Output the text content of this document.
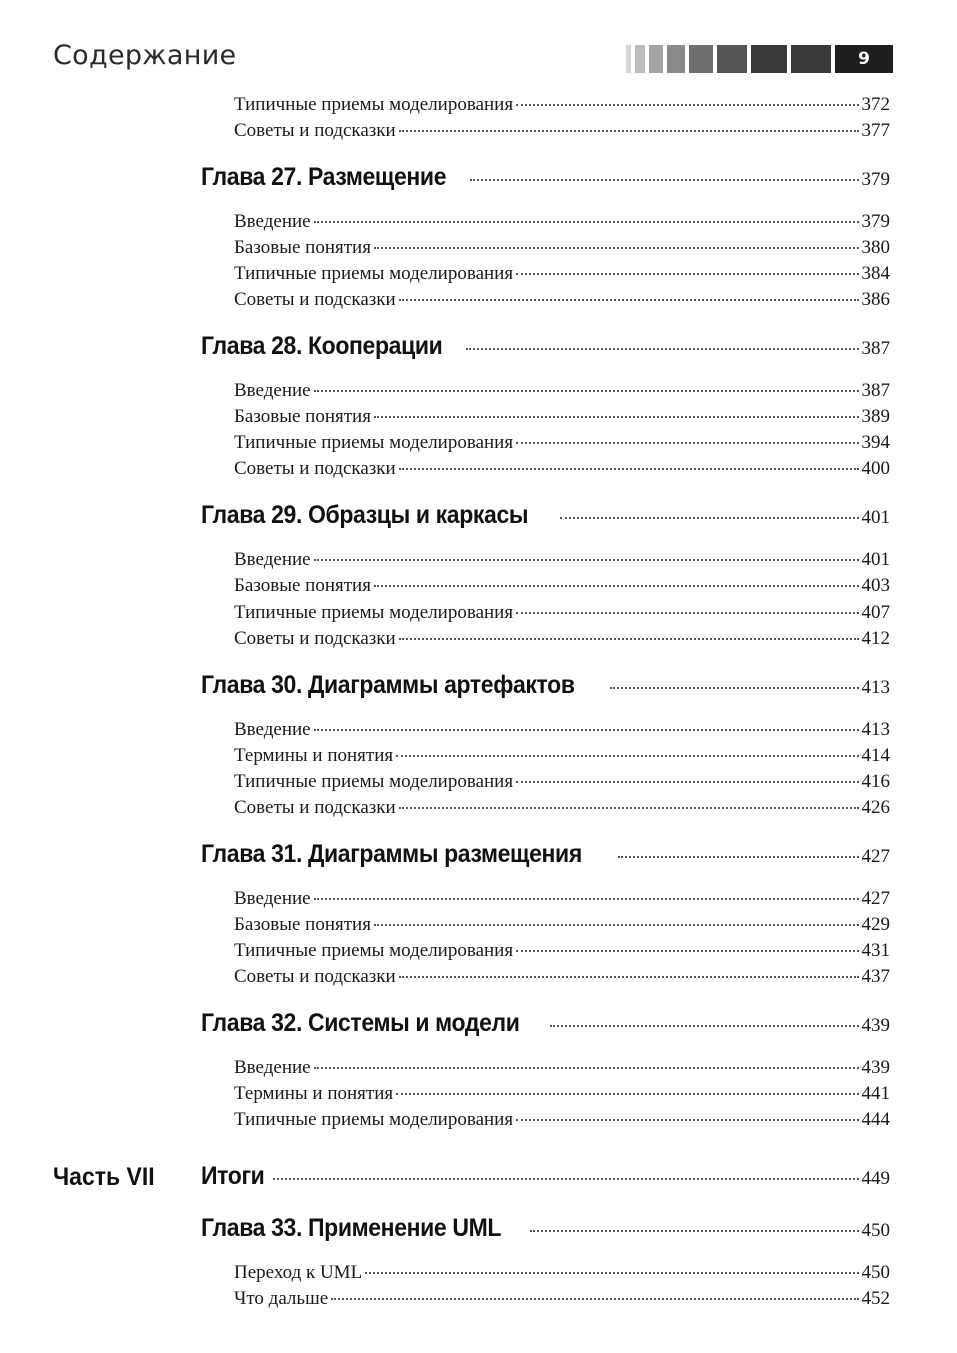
Содержание	9
Типичные приемы моделирования	372
Советы и подсказки	377
Глава 27. Размещение	379
Введение	379
Базовые понятия	380
Типичные приемы моделирования	384
Советы и подсказки	386
Глава 28. Кооперации	387
Введение	387
Базовые понятия	389
Типичные приемы моделирования	394
Советы и подсказки	400
Глава 29. Образцы и каркасы	401
Введение	401
Базовые понятия	403
Типичные приемы моделирования	407
Советы и подсказки	412
Глава 30. Диаграммы артефактов	413
Введение	413
Термины и понятия	414
Типичные приемы моделирования	416
Советы и подсказки	426
Глава 31. Диаграммы размещения	427
Введение	427
Базовые понятия	429
Типичные приемы моделирования	431
Советы и подсказки	437
Глава 32. Системы и модели	439
Введение	439
Термины и понятия	441
Типичные приемы моделирования	444
Часть VII Итоги	449
Глава 33. Применение UML	450
Переход к UML	450
Что дальше	452
